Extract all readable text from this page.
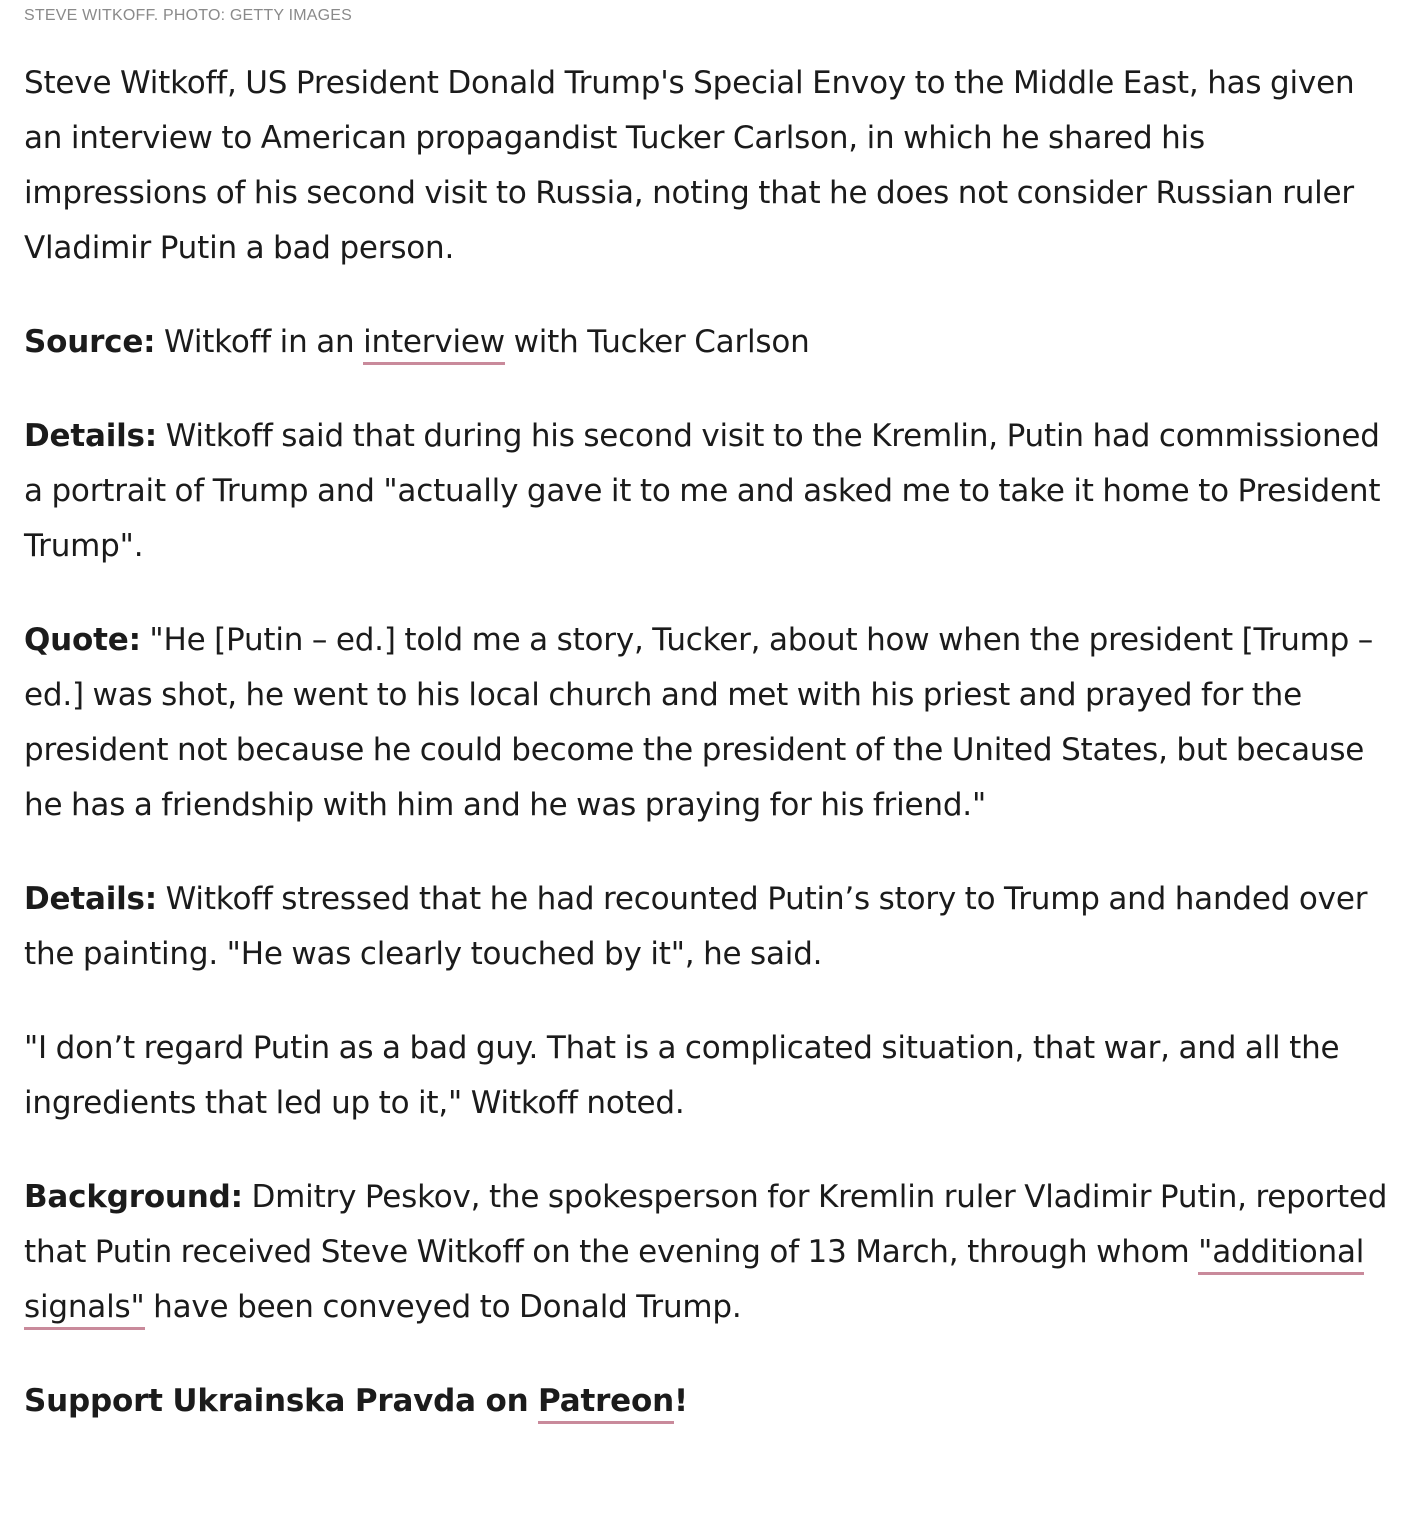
STEVE WITKOFF. PHOTO: GETTY IMAGES

Steve Witkoff, US President Donald Trump's Special Envoy to the Middle East, has given an interview to American propagandist Tucker Carlson, in which he shared his impressions of his second visit to Russia, noting that he does not consider Russian ruler Vladimir Putin a bad person.

Source: Witkoff in an interview with Tucker Carlson

Details: Witkoff said that during his second visit to the Kremlin, Putin had commissioned a portrait of Trump and "actually gave it to me and asked me to take it home to President Trump".

Quote: "He [Putin – ed.] told me a story, Tucker, about how when the president [Trump – ed.] was shot, he went to his local church and met with his priest and prayed for the president not because he could become the president of the United States, but because he has a friendship with him and he was praying for his friend."

Details: Witkoff stressed that he had recounted Putin’s story to Trump and handed over the painting. "He was clearly touched by it", he said.

"I don’t regard Putin as a bad guy. That is a complicated situation, that war, and all the ingredients that led up to it," Witkoff noted.

Background: Dmitry Peskov, the spokesperson for Kremlin ruler Vladimir Putin, reported that Putin received Steve Witkoff on the evening of 13 March, through whom "additional signals" have been conveyed to Donald Trump.

Support Ukrainska Pravda on Patreon!
